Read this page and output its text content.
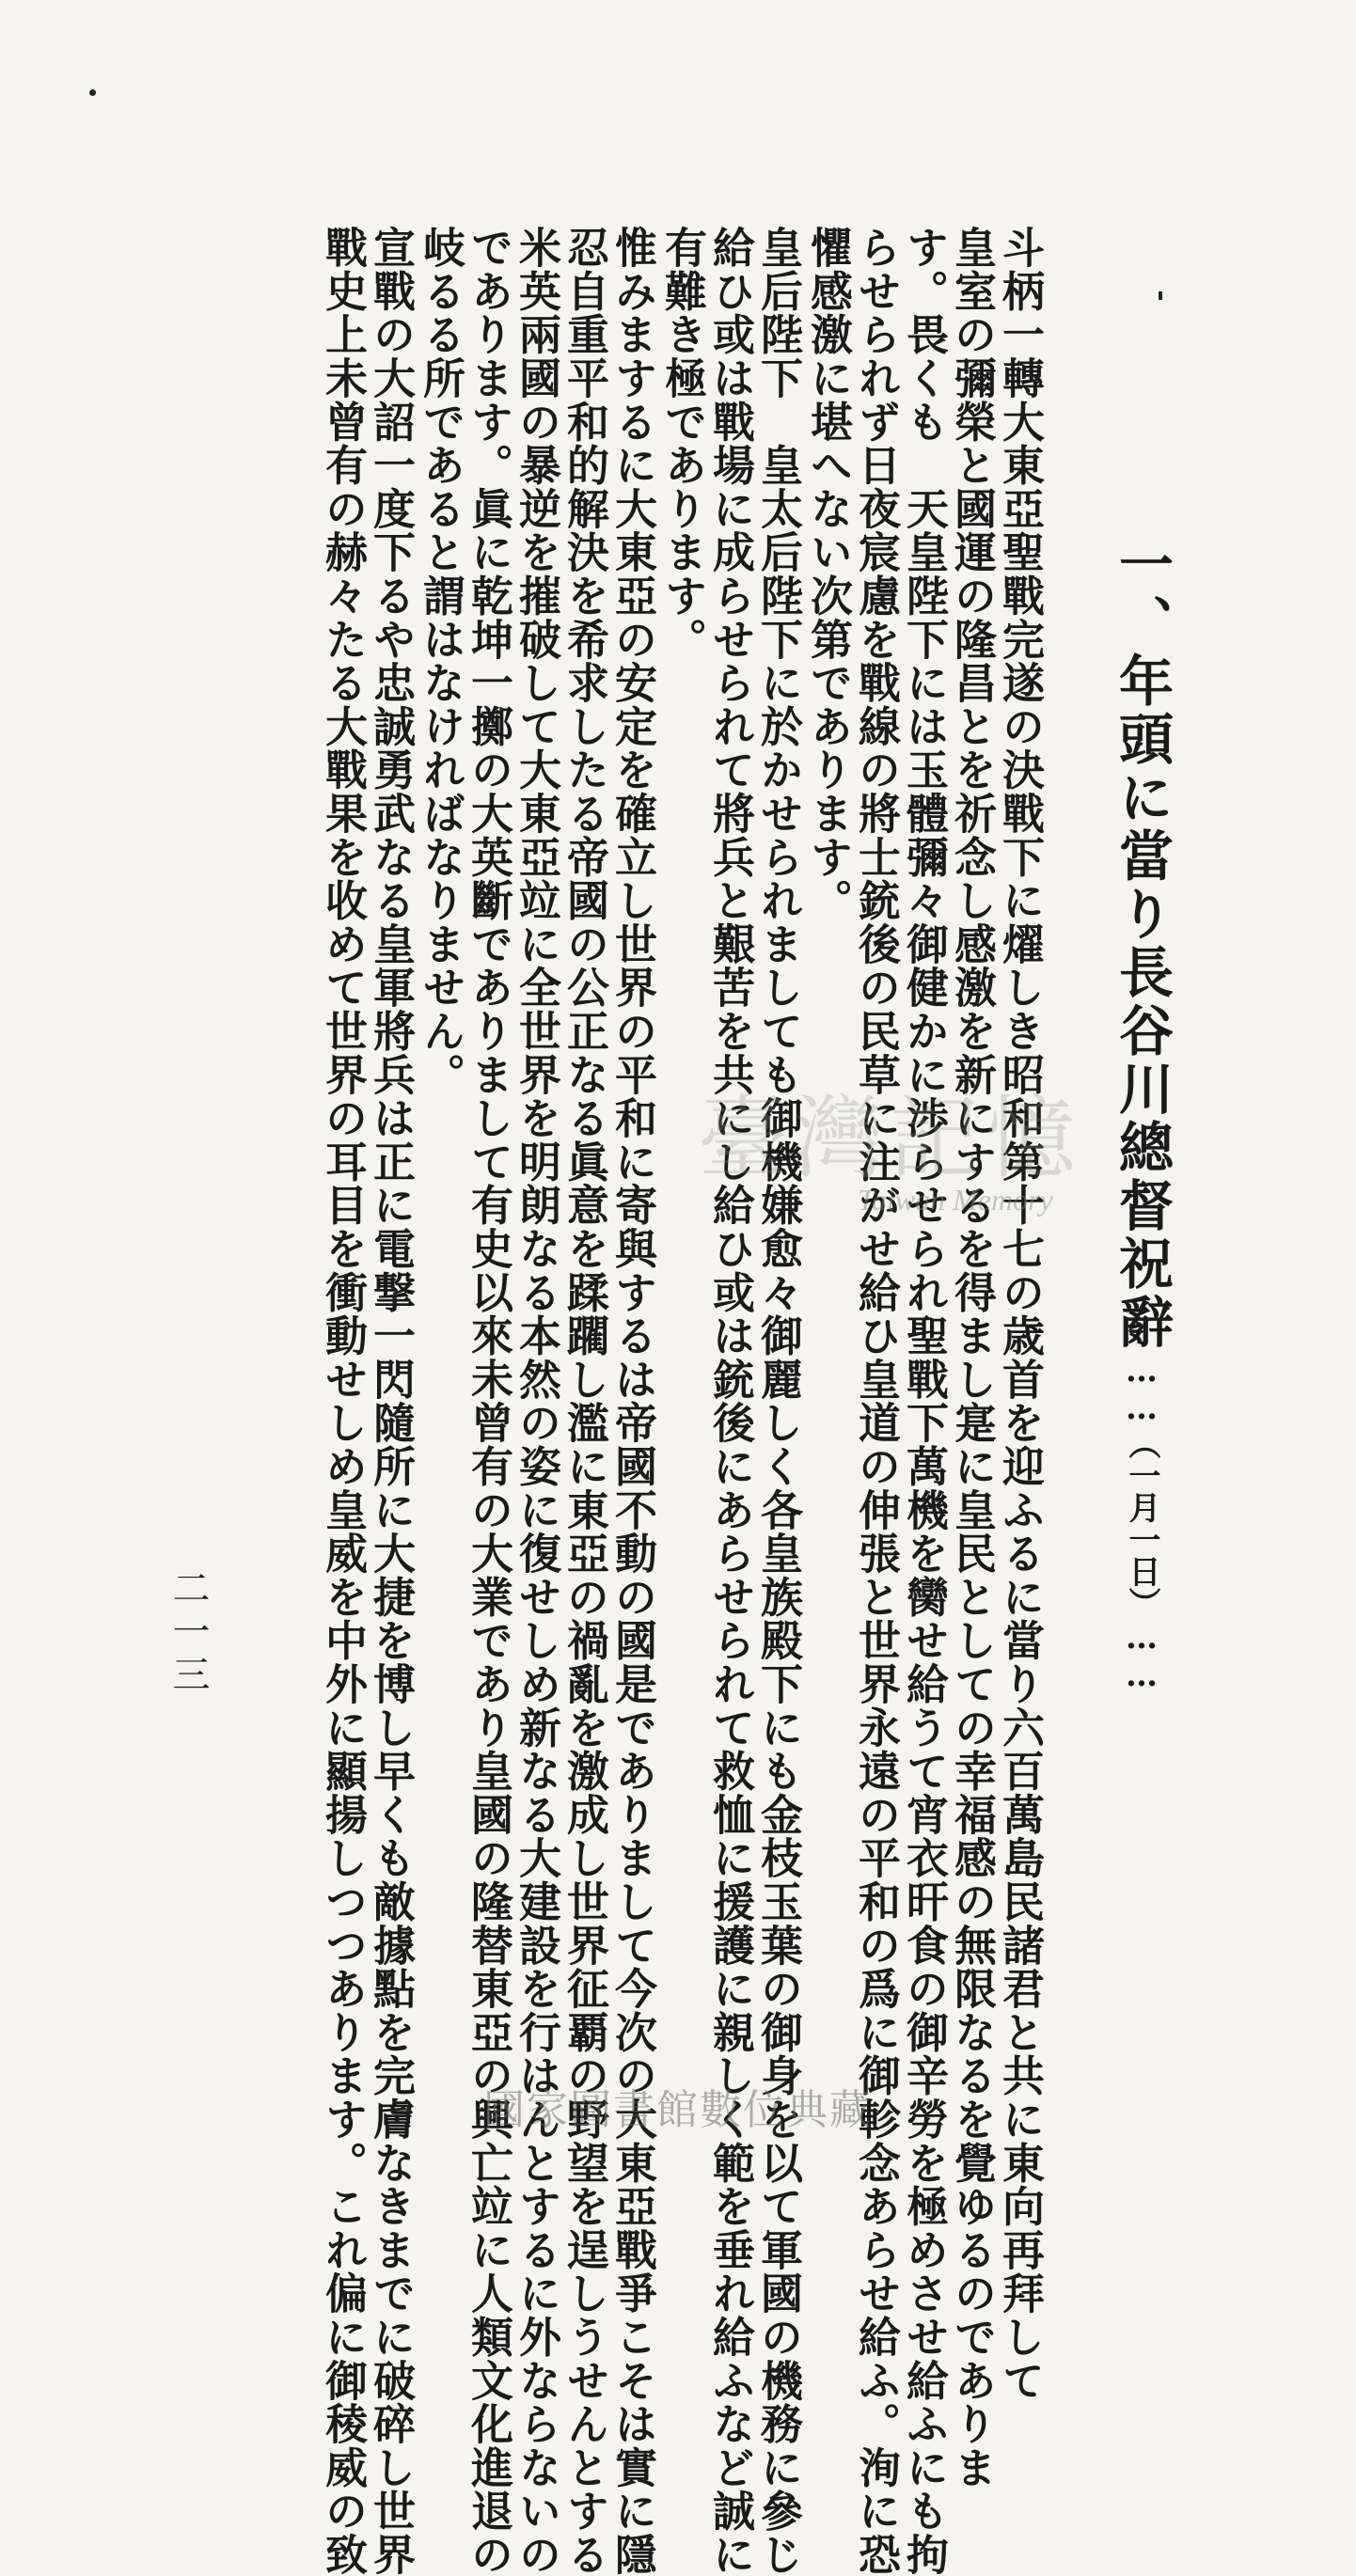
一、年頭に當り長谷川總督祝辭……（一月一日）……
斗柄一轉大東亞聖戰完遂の決戰下に燿しき昭和第十七の歳首を迎ふるに當り六百萬島民諸君と共に東向再拜して
皇室の彌榮と國運の隆昌とを祈念し感激を新にするを得まし寔に皇民としての幸福感の無限なるを覺ゆるのでありま
す。畏くも　天皇陛下には玉體彌々御健かに渉らせられ聖戰下萬機を臠せ給うて宵衣旰食の御辛勞を極めさせ給ふにも拘
らせられず日夜宸慮を戰線の將士銃後の民草に注がせ給ひ皇道の伸張と世界永遠の平和の爲に御軫念あらせ給ふ。洵に恐
懼感激に堪へない次第であります。
皇后陛下　皇太后陛下に於かせられましても御機嫌愈々御麗しく各皇族殿下にも金枝玉葉の御身を以て軍國の機務に參じ
給ひ或は戰場に成らせられて將兵と艱苦を共にし給ひ或は銃後にあらせられて救恤に援護に親しく範を垂れ給ふなど誠に
有難き極であります。
惟みまするに大東亞の安定を確立し世界の平和に寄與するは帝國不動の國是でありまして今次の大東亞戰爭こそは實に隱
忍自重平和的解決を希求したる帝國の公正なる眞意を蹂躙し濫に東亞の禍亂を激成し世界征覇の野望を逞しうせんとする
米英兩國の暴逆を摧破して大東亞竝に全世界を明朗なる本然の姿に復せしめ新なる大建設を行はんとするに外ならないの
であります。眞に乾坤一擲の大英斷でありまして有史以來未曾有の大業であり皇國の隆替東亞の興亡竝に人類文化進退の
岐るる所であると謂はなければなりません。
宣戰の大詔一度下るや忠誠勇武なる皇軍將兵は正に電撃一閃隨所に大捷を博し早くも敵據點を完膚なきまでに破碎し世界
戰史上未曾有の赫々たる大戰果を收めて世界の耳目を衝動せしめ皇威を中外に顯揚しつつあります。これ偏に御稜威の致
二一三
臺灣記憶
Taiwan Memory
國家圖書館數位典藏
